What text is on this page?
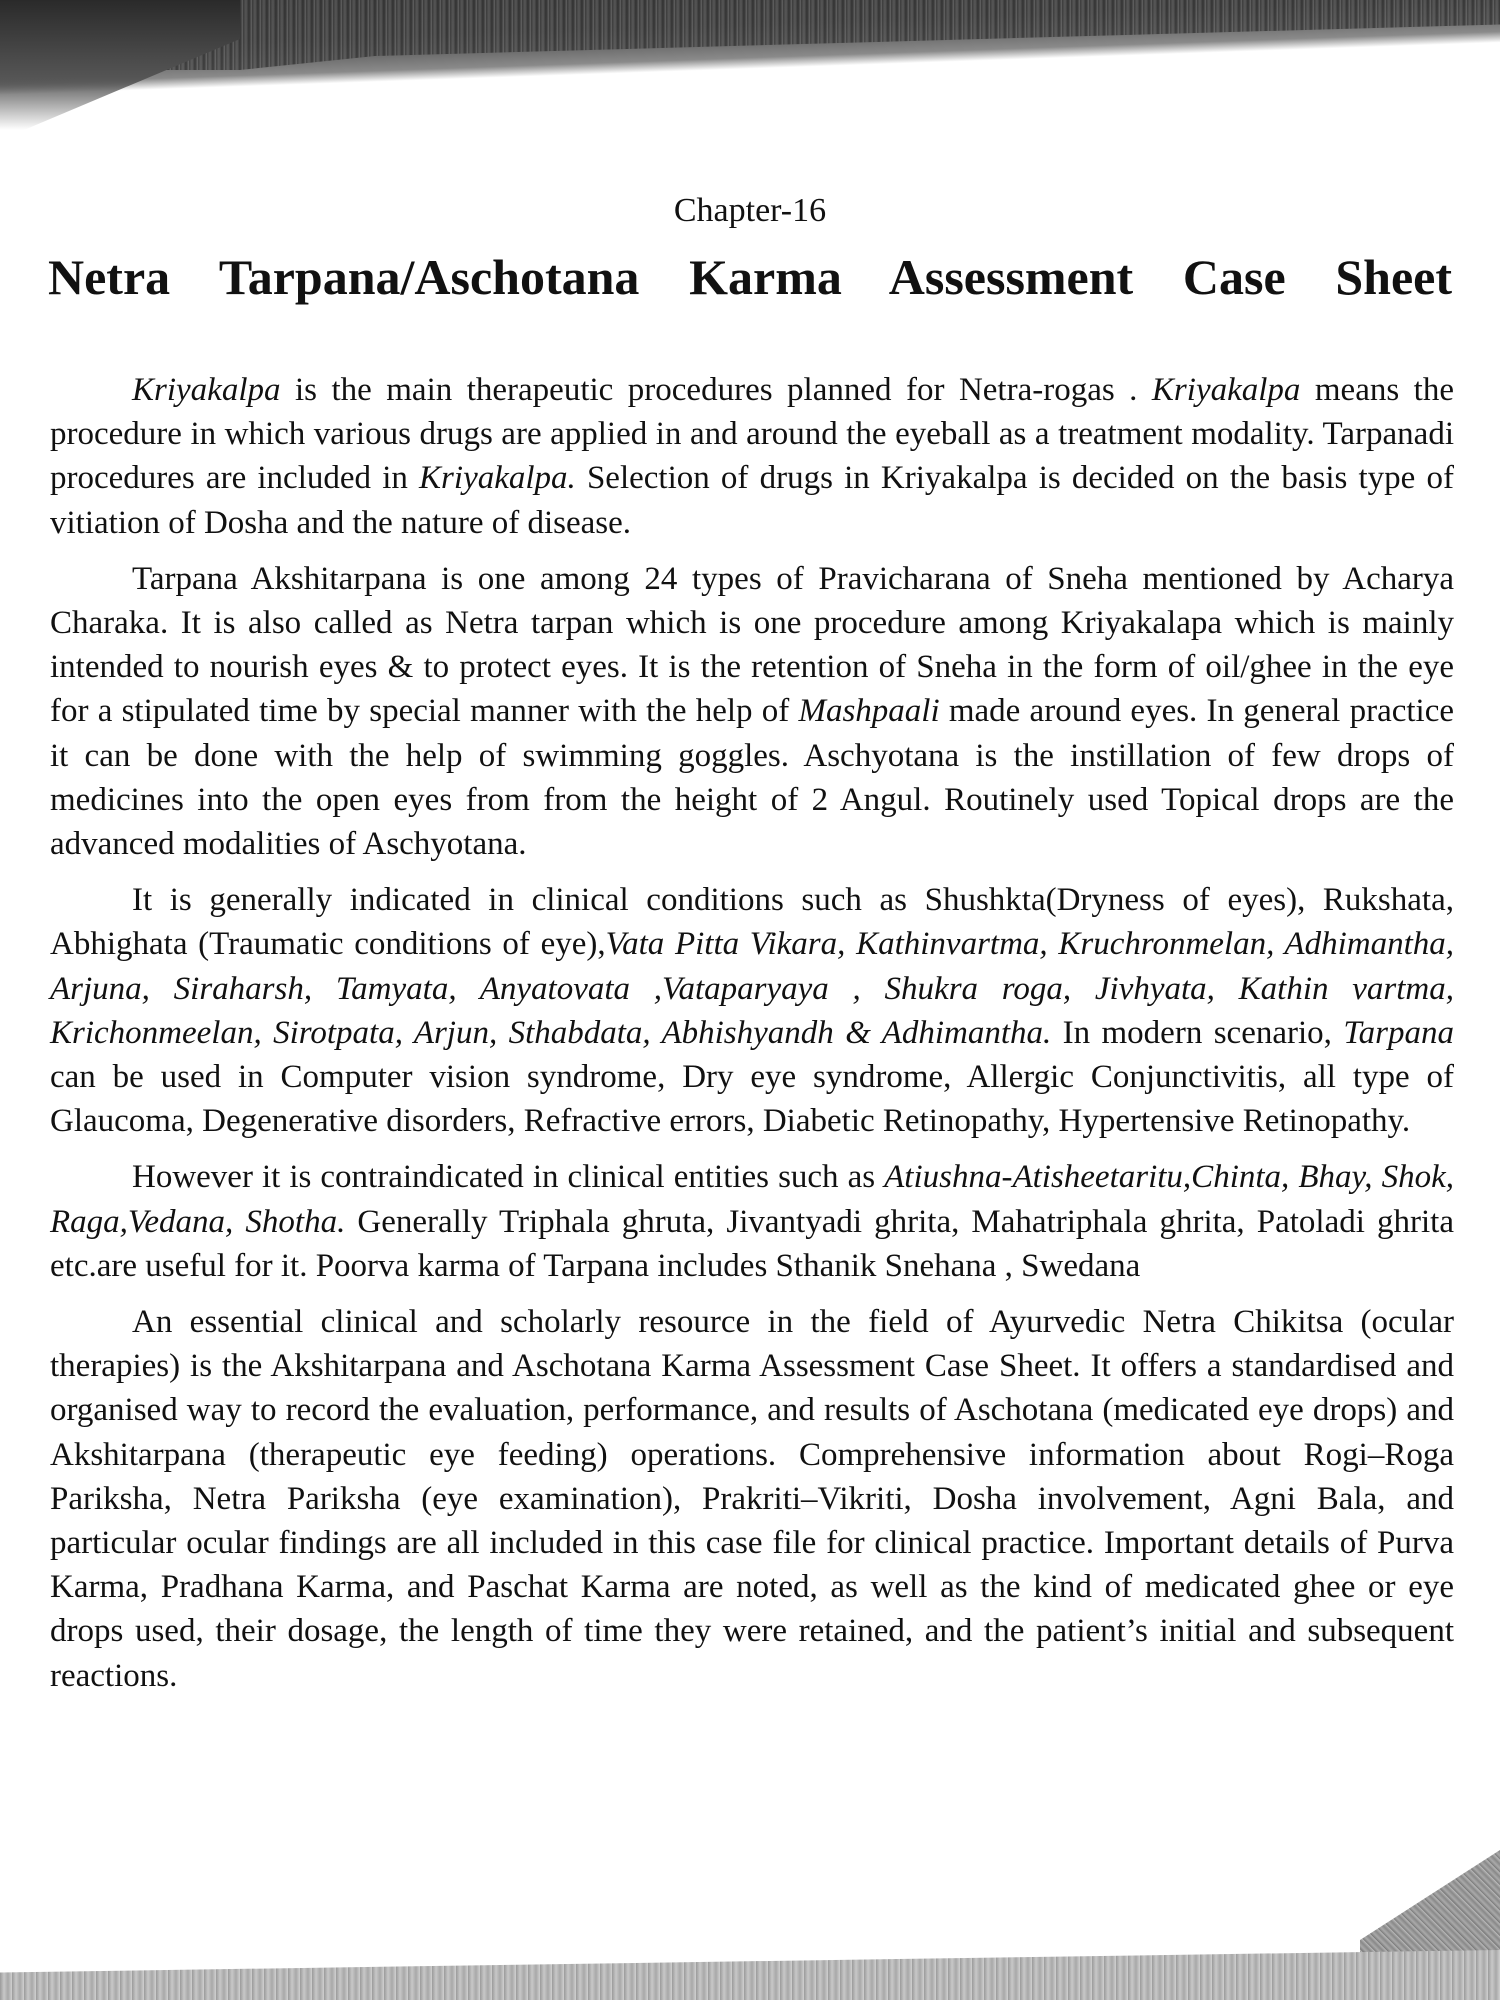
Chapter-16
Netra Tarpana/Aschotana Karma Assessment Case Sheet

Kriyakalpa is the main therapeutic procedures planned for Netra-rogas . Kriyakalpa means the procedure in which various drugs are applied in and around the eyeball as a treatment modality. Tarpanadi procedures are included in Kriyakalpa. Selection of drugs in Kriyakalpa is decided on the basis type of vitiation of Dosha and the nature of disease.

Tarpana Akshitarpana is one among 24 types of Pravicharana of Sneha mentioned by Acharya Charaka. It is also called as Netra tarpan which is one procedure among Kriyakalapa which is mainly intended to nourish eyes & to protect eyes. It is the retention of Sneha in the form of oil/ghee in the eye for a stipulated time by special manner with the help of Mashpaali made around eyes. In general practice it can be done with the help of swimming goggles. Aschyotana is the instillation of few drops of medicines into the open eyes from from the height of 2 Angul. Routinely used Topical drops are the advanced modalities of Aschyotana.

It is generally indicated in clinical conditions such as Shushkta(Dryness of eyes), Rukshata, Abhighata (Traumatic conditions of eye),Vata Pitta Vikara, Kathinvartma, Kruchronmelan, Adhimantha, Arjuna, Siraharsh, Tamyata, Anyatovata ,Vataparyaya , Shukra roga, Jivhyata, Kathin vartma, Krichonmeelan, Sirotpata, Arjun, Sthabdata, Abhishyandh & Adhimantha. In modern scenario, Tarpana can be used in Computer vision syndrome, Dry eye syndrome, Allergic Conjunctivitis, all type of Glaucoma, Degenerative disorders, Refractive errors, Diabetic Retinopathy, Hypertensive Retinopathy.

However it is contraindicated in clinical entities such as Atiushna-Atisheetaritu,Chinta, Bhay, Shok, Raga,Vedana, Shotha. Generally Triphala ghruta, Jivantyadi ghrita, Mahatriphala ghrita, Patoladi ghrita etc.are useful for it. Poorva karma of Tarpana includes Sthanik Snehana , Swedana

An essential clinical and scholarly resource in the field of Ayurvedic Netra Chikitsa (ocular therapies) is the Akshitarpana and Aschotana Karma Assessment Case Sheet. It offers a standardised and organised way to record the evaluation, performance, and results of Aschotana (medicated eye drops) and Akshitarpana (therapeutic eye feeding) operations. Comprehensive information about Rogi–Roga Pariksha, Netra Pariksha (eye examination), Prakriti–Vikriti, Dosha involvement, Agni Bala, and particular ocular findings are all included in this case file for clinical practice. Important details of Purva Karma, Pradhana Karma, and Paschat Karma are noted, as well as the kind of medicated ghee or eye drops used, their dosage, the length of time they were retained, and the patient’s initial and subsequent reactions.
